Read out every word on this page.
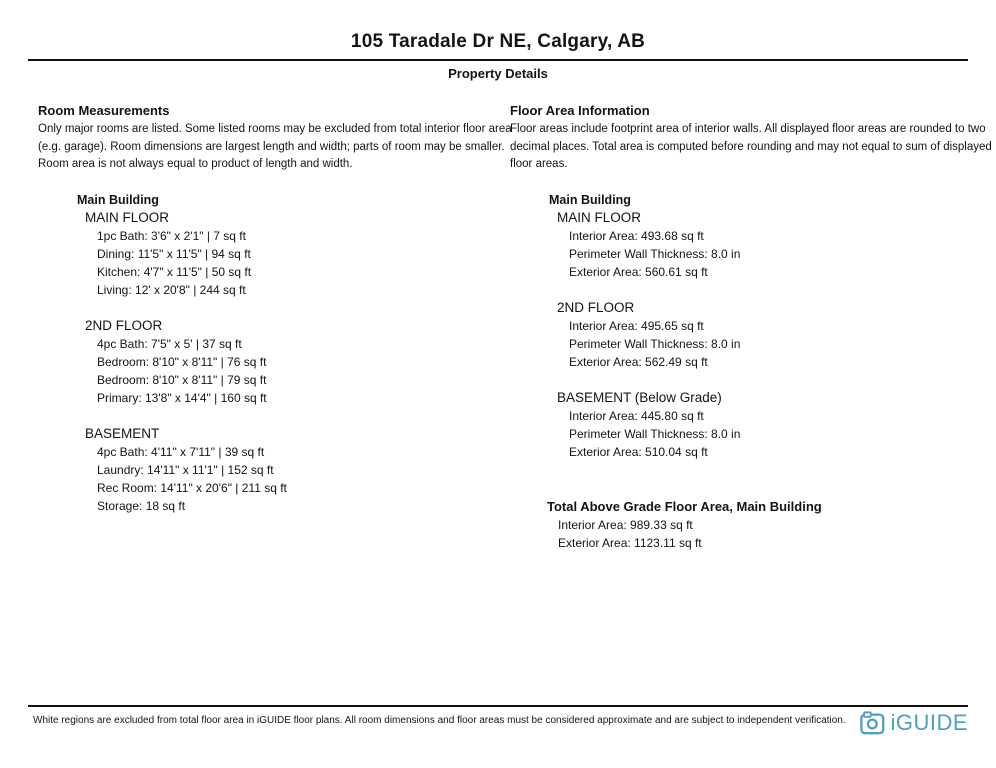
105 Taradale Dr NE, Calgary, AB
Property Details
Room Measurements
Only major rooms are listed. Some listed rooms may be excluded from total interior floor area
(e.g. garage). Room dimensions are largest length and width; parts of room may be smaller.
Room area is not always equal to product of length and width.
Main Building
MAIN FLOOR
1pc Bath: 3'6" x 2'1" | 7 sq ft
Dining: 11'5" x 11'5" | 94 sq ft
Kitchen: 4'7" x 11'5" | 50 sq ft
Living: 12' x 20'8" | 244 sq ft
2ND FLOOR
4pc Bath: 7'5" x 5' | 37 sq ft
Bedroom: 8'10" x 8'11" | 76 sq ft
Bedroom: 8'10" x 8'11" | 79 sq ft
Primary: 13'8" x 14'4" | 160 sq ft
BASEMENT
4pc Bath: 4'11" x 7'11" | 39 sq ft
Laundry: 14'11" x 11'1" | 152 sq ft
Rec Room: 14'11" x 20'6" | 211 sq ft
Storage: 18 sq ft
Floor Area Information
Floor areas include footprint area of interior walls. All displayed floor areas are rounded to two
decimal places. Total area is computed before rounding and may not equal to sum of displayed
floor areas.
Main Building
MAIN FLOOR
Interior Area: 493.68 sq ft
Perimeter Wall Thickness: 8.0 in
Exterior Area: 560.61 sq ft
2ND FLOOR
Interior Area: 495.65 sq ft
Perimeter Wall Thickness: 8.0 in
Exterior Area: 562.49 sq ft
BASEMENT (Below Grade)
Interior Area: 445.80 sq ft
Perimeter Wall Thickness: 8.0 in
Exterior Area: 510.04 sq ft
Total Above Grade Floor Area, Main Building
Interior Area: 989.33 sq ft
Exterior Area: 1123.11 sq ft
White regions are excluded from total floor area in iGUIDE floor plans. All room dimensions and floor areas must be considered approximate and are subject to independent verification. iGUIDE
